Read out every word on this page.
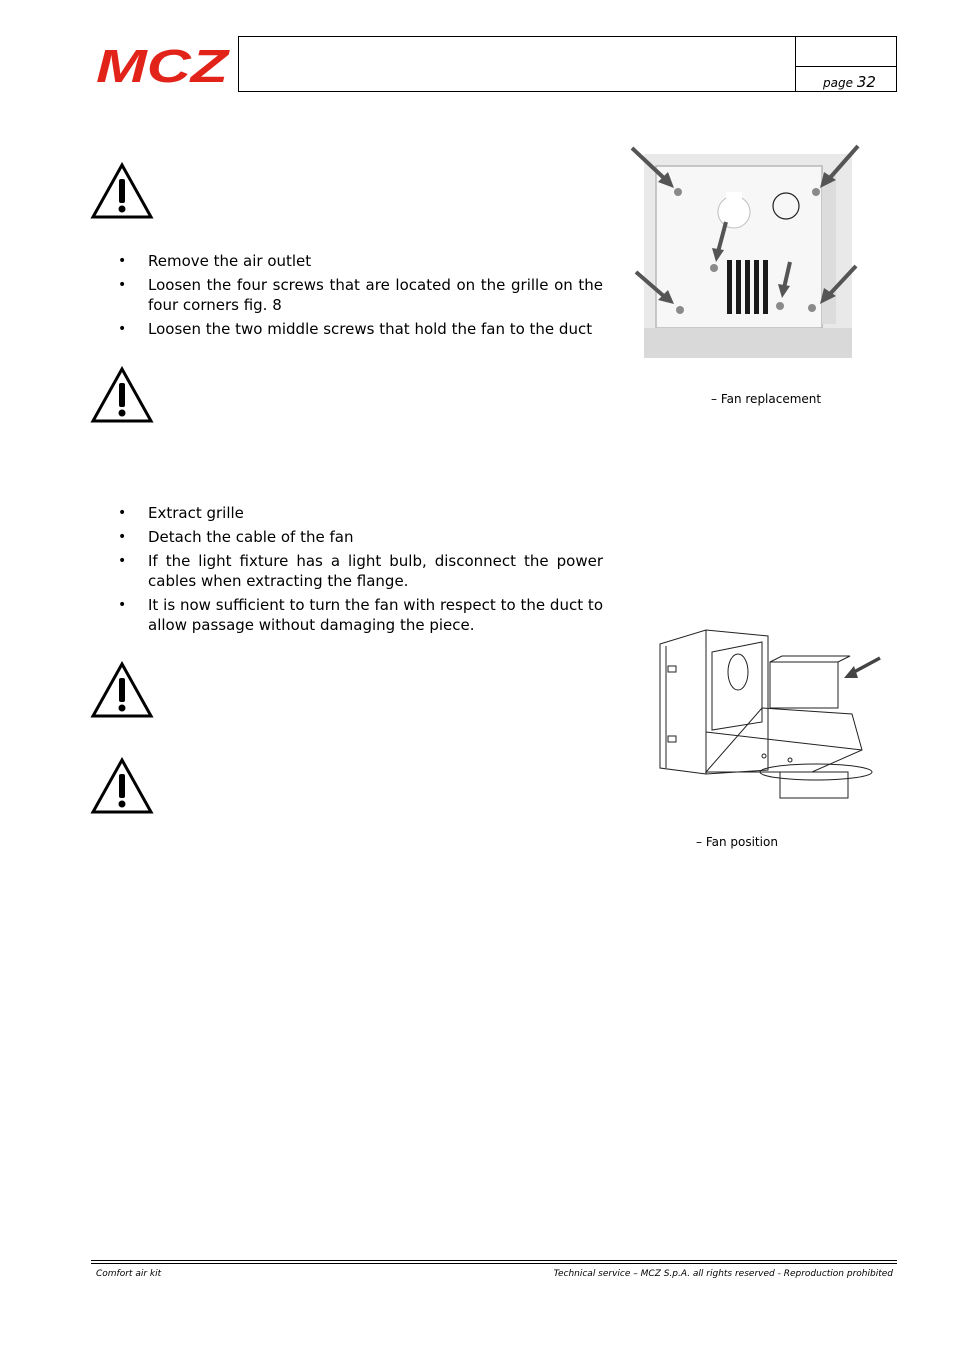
MCZ	page 32
• Remove the air outlet
• Loosen the four screws that are located on the grille on the four corners fig. 8
• Loosen the two middle screws that hold the fan to the duct
• Extract grille
• Detach the cable of the fan
• If the light fixture has a light bulb, disconnect the power cables when extracting the flange.
• It is now sufficient to turn the fan with respect to the duct to allow passage without damaging the piece.
– Fan replacement
– Fan position
Comfort air kit	Technical service – MCZ S.p.A. all rights reserved - Reproduction prohibited
